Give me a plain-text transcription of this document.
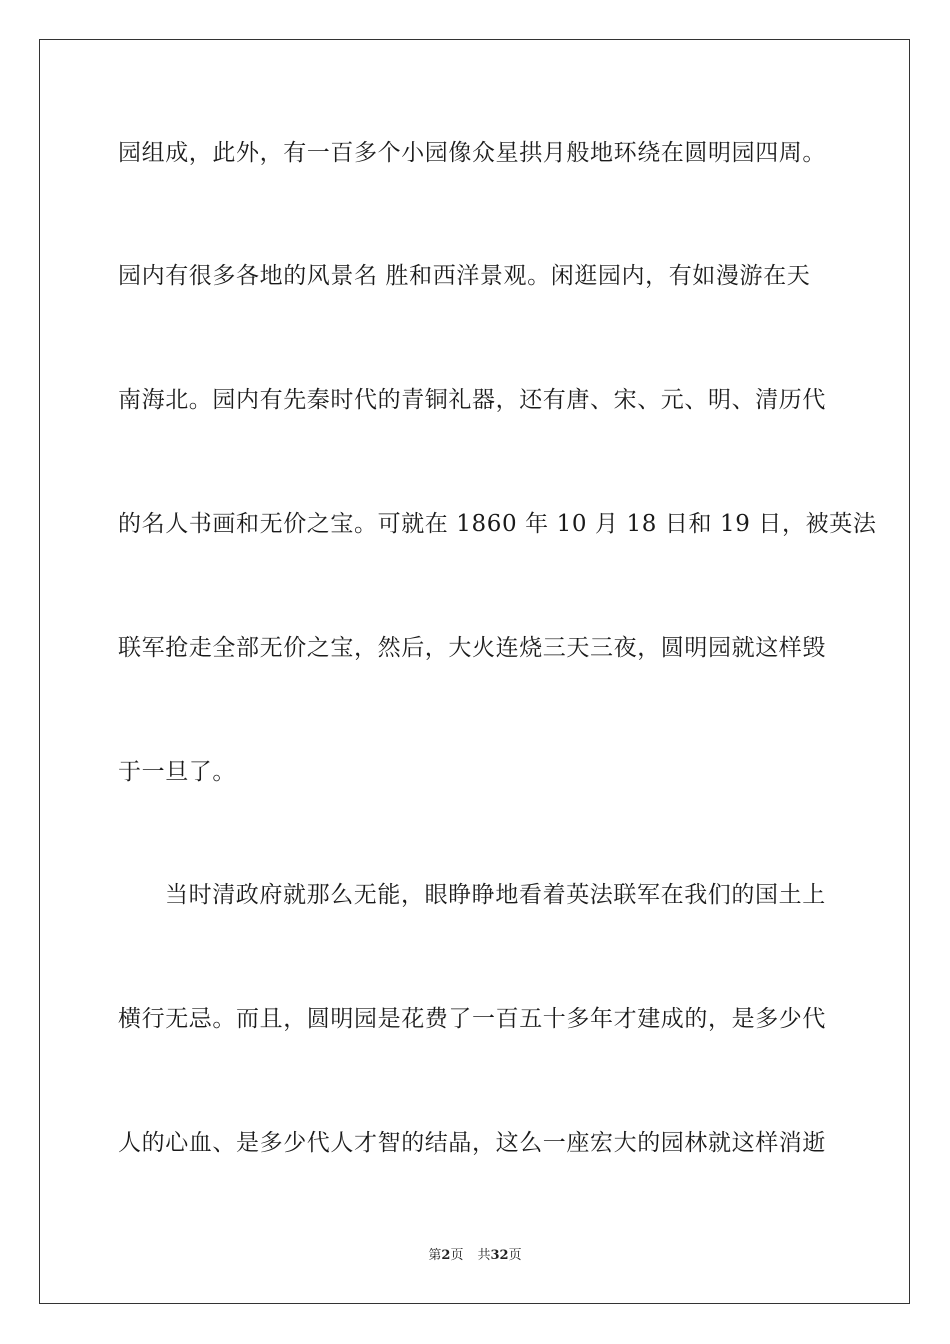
园组成，此外，有一百多个小园像众星拱月般地环绕在圆明园四周。
园内有很多各地的风景名 胜和西洋景观。闲逛园内，有如漫游在天
南海北。园内有先秦时代的青铜礼器，还有唐、宋、元、明、清历代
的名人书画和无价之宝。可就在 1860 年 10 月 18 日和 19 日，被英法
联军抢走全部无价之宝，然后，大火连烧三天三夜，圆明园就这样毁
于一旦了。
当时清政府就那么无能，眼睁睁地看着英法联军在我们的国土上
横行无忌。而且，圆明园是花费了一百五十多年才建成的，是多少代
人的心血、是多少代人才智的结晶，这么一座宏大的园林就这样消逝
第2页 共32页
